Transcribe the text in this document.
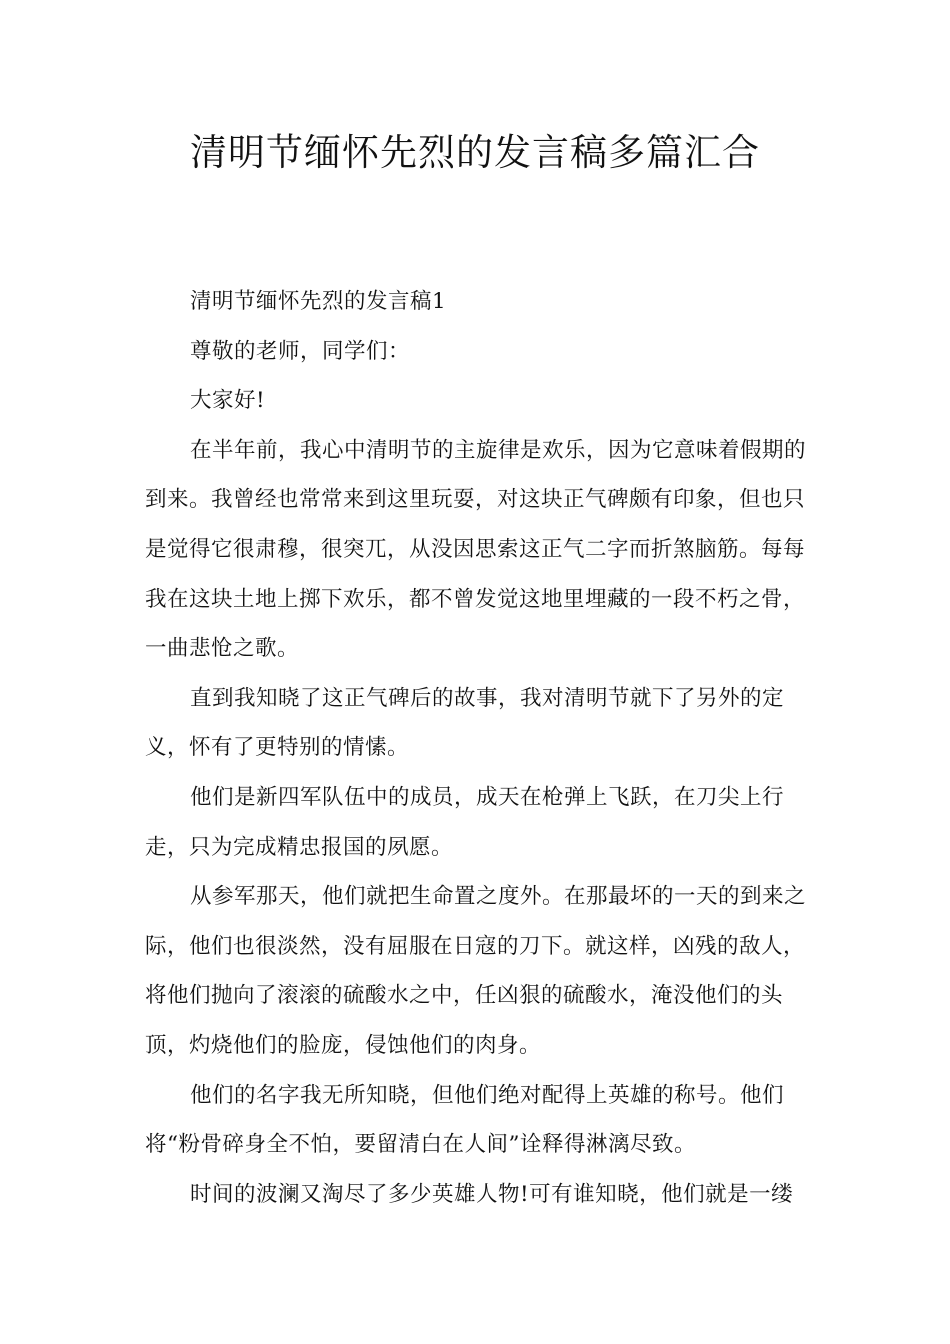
清明节缅怀先烈的发言稿多篇汇合

清明节缅怀先烈的发言稿1

尊敬的老师，同学们：

大家好!

在半年前，我心中清明节的主旋律是欢乐，因为它意味着假期的到来。我曾经也常常来到这里玩耍，对这块正气碑颇有印象，但也只是觉得它很肃穆，很突兀，从没因思索这正气二字而折煞脑筋。每每我在这块土地上掷下欢乐，都不曾发觉这地里埋藏的一段不朽之骨，一曲悲怆之歌。

直到我知晓了这正气碑后的故事，我对清明节就下了另外的定义，怀有了更特别的情愫。

他们是新四军队伍中的成员，成天在枪弹上飞跃，在刀尖上行走，只为完成精忠报国的夙愿。

从参军那天，他们就把生命置之度外。在那最坏的一天的到来之际，他们也很淡然，没有屈服在日寇的刀下。就这样，凶残的敌人，将他们抛向了滚滚的硫酸水之中，任凶狠的硫酸水，淹没他们的头顶，灼烧他们的脸庞，侵蚀他们的肉身。

他们的名字我无所知晓，但他们绝对配得上英雄的称号。他们将“粉骨碎身全不怕，要留清白在人间”诠释得淋漓尽致。

时间的波澜又淘尽了多少英雄人物!可有谁知晓，他们就是一缕
